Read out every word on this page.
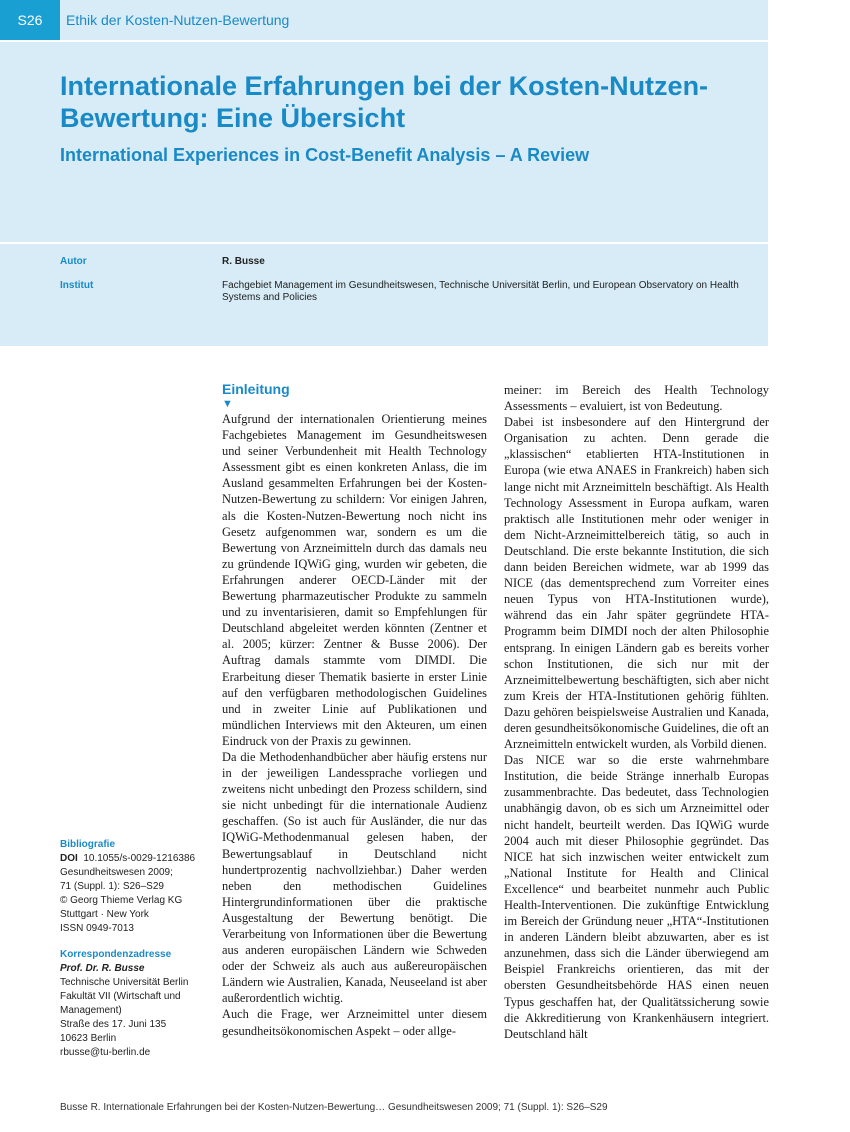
S26	Ethik der Kosten-Nutzen-Bewertung
Internationale Erfahrungen bei der Kosten-Nutzen-Bewertung: Eine Übersicht
International Experiences in Cost-Benefit Analysis – A Review
Autor	R. Busse
Institut	Fachgebiet Management im Gesundheitswesen, Technische Universität Berlin, und European Observatory on Health Systems and Policies
Bibliografie
DOI 10.1055/s-0029-1216386
Gesundheitswesen 2009;
71 (Suppl. 1): S26–S29
© Georg Thieme Verlag KG
Stuttgart · New York
ISSN 0949-7013
Korrespondenzadresse
Prof. Dr. R. Busse
Technische Universität Berlin
Fakultät VII (Wirtschaft und Management)
Straße des 17. Juni 135
10623 Berlin
rbusse@tu-berlin.de
Einleitung
▼

Aufgrund der internationalen Orientierung meines Fachgebietes Management im Gesundheitswesen und seiner Verbundenheit mit Health Technology Assessment gibt es einen konkreten Anlass, die im Ausland gesammelten Erfahrungen bei der Kosten-Nutzen-Bewertung zu schildern: Vor einigen Jahren, als die Kosten-Nutzen-Bewertung noch nicht ins Gesetz aufgenommen war, sondern es um die Bewertung von Arzneimitteln durch das damals neu zu gründende IQWiG ging, wurden wir gebeten, die Erfahrungen anderer OECD-Länder mit der Bewertung pharmazeutischer Produkte zu sammeln und zu inventarisieren, damit so Empfehlungen für Deutschland abgeleitet werden könnten (Zentner et al. 2005; kürzer: Zentner & Busse 2006). Der Auftrag damals stammte vom DIMDI. Die Erarbeitung dieser Thematik basierte in erster Linie auf den verfügbaren methodologischen Guidelines und in zweiter Linie auf Publikationen und mündlichen Interviews mit den Akteuren, um einen Eindruck von der Praxis zu gewinnen.

Da die Methodenhandbücher aber häufig erstens nur in der jeweiligen Landessprache vorliegen und zweitens nicht unbedingt den Prozess schildern, sind sie nicht unbedingt für die internationale Audienz geschaffen. (So ist auch für Ausländer, die nur das IQWiG-Methodenmanual gelesen haben, der Bewertungsablauf in Deutschland nicht hundertprozentig nachvollziehbar.) Daher werden neben den methodischen Guidelines Hintergrundinformationen über die praktische Ausgestaltung der Bewertung benötigt. Die Verarbeitung von Informationen über die Bewertung aus anderen europäischen Ländern wie Schweden oder der Schweiz als auch aus außereuropäischen Ländern wie Australien, Kanada, Neuseeland ist aber außerordentlich wichtig.

Auch die Frage, wer Arzneimittel unter diesem gesundheitsökonomischen Aspekt – oder allge-

meiner: im Bereich des Health Technology Assessments – evaluiert, ist von Bedeutung.

Dabei ist insbesondere auf den Hintergrund der Organisation zu achten. Denn gerade die „klassischen“ etablierten HTA-Institutionen in Europa (wie etwa ANAES in Frankreich) haben sich lange nicht mit Arzneimitteln beschäftigt. Als Health Technology Assessment in Europa aufkam, waren praktisch alle Institutionen mehr oder weniger in dem Nicht-Arzneimittelbereich tätig, so auch in Deutschland. Die erste bekannte Institution, die sich dann beiden Bereichen widmete, war ab 1999 das NICE (das dementsprechend zum Vorreiter eines neuen Typus von HTA-Institutionen wurde), während das ein Jahr später gegründete HTA-Programm beim DIMDI noch der alten Philosophie entsprang. In einigen Ländern gab es bereits vorher schon Institutionen, die sich nur mit der Arzneimittelbewertung beschäftigten, sich aber nicht zum Kreis der HTA-Institutionen gehörig fühlten. Dazu gehören beispielsweise Australien und Kanada, deren gesundheitsökonomische Guidelines, die oft an Arzneimitteln entwickelt wurden, als Vorbild dienen.

Das NICE war so die erste wahrnehmbare Institution, die beide Stränge innerhalb Europas zusammenbrachte. Das bedeutet, dass Technologien unabhängig davon, ob es sich um Arzneimittel oder nicht handelt, beurteilt werden. Das IQWiG wurde 2004 auch mit dieser Philosophie gegründet. Das NICE hat sich inzwischen weiter entwickelt zum „National Institute for Health and Clinical Excellence“ und bearbeitet nunmehr auch Public Health-Interventionen. Die zukünftige Entwicklung im Bereich der Gründung neuer „HTA“-Institutionen in anderen Ländern bleibt abzuwarten, aber es ist anzunehmen, dass sich die Länder überwiegend am Beispiel Frankreichs orientieren, das mit der obersten Gesundheitsbehörde HAS einen neuen Typus geschaffen hat, der Qualitätssicherung sowie die Akkreditierung von Krankenhäusern integriert. Deutschland hält

Busse R. Internationale Erfahrungen bei der Kosten-Nutzen-Bewertung… Gesundheitswesen 2009; 71 (Suppl. 1): S26–S29
